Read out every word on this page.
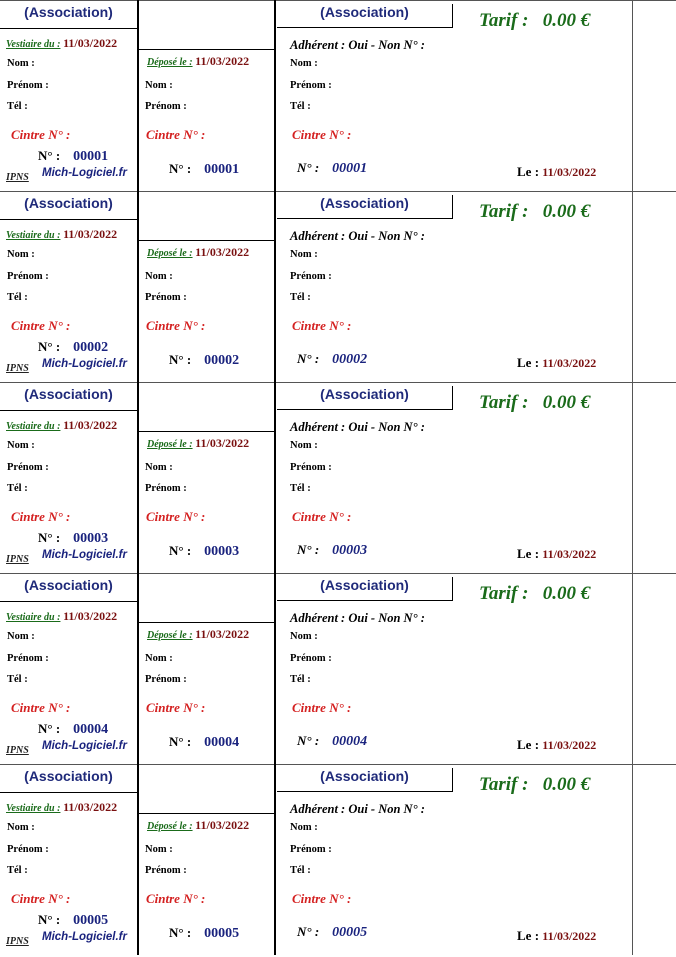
(Association)
Vestiaire du : 11/03/2022
Nom :
Prénom :
Tél :
Cintre N° :
N° : 00001
IPNS Mich-Logiciel.fr
Déposé le : 11/03/2022
Nom :
Prénom :
Cintre N° :
N° : 00001
(Association)	Tarif : 0.00 €
Adhérent : Oui - Non N° :
Nom :
Prénom :
Tél :
Cintre N° :
N° : 00001	Le : 11/03/2022
(Association)
Vestiaire du : 11/03/2022
Nom :
Prénom :
Tél :
Cintre N° :
N° : 00002
IPNS Mich-Logiciel.fr
Déposé le : 11/03/2022
Nom :
Prénom :
Cintre N° :
N° : 00002
(Association)	Tarif : 0.00 €
Adhérent : Oui - Non N° :
Nom :
Prénom :
Tél :
Cintre N° :
N° : 00002	Le : 11/03/2022
(Association)
Vestiaire du : 11/03/2022
Nom :
Prénom :
Tél :
Cintre N° :
N° : 00003
IPNS Mich-Logiciel.fr
Déposé le : 11/03/2022
Nom :
Prénom :
Cintre N° :
N° : 00003
(Association)	Tarif : 0.00 €
Adhérent : Oui - Non N° :
Nom :
Prénom :
Tél :
Cintre N° :
N° : 00003	Le : 11/03/2022
(Association)
Vestiaire du : 11/03/2022
Nom :
Prénom :
Tél :
Cintre N° :
N° : 00004
IPNS Mich-Logiciel.fr
Déposé le : 11/03/2022
Nom :
Prénom :
Cintre N° :
N° : 00004
(Association)	Tarif : 0.00 €
Adhérent : Oui - Non N° :
Nom :
Prénom :
Tél :
Cintre N° :
N° : 00004	Le : 11/03/2022
(Association)
Vestiaire du : 11/03/2022
Nom :
Prénom :
Tél :
Cintre N° :
N° : 00005
IPNS Mich-Logiciel.fr
Déposé le : 11/03/2022
Nom :
Prénom :
Cintre N° :
N° : 00005
(Association)	Tarif : 0.00 €
Adhérent : Oui - Non N° :
Nom :
Prénom :
Tél :
Cintre N° :
N° : 00005	Le : 11/03/2022
